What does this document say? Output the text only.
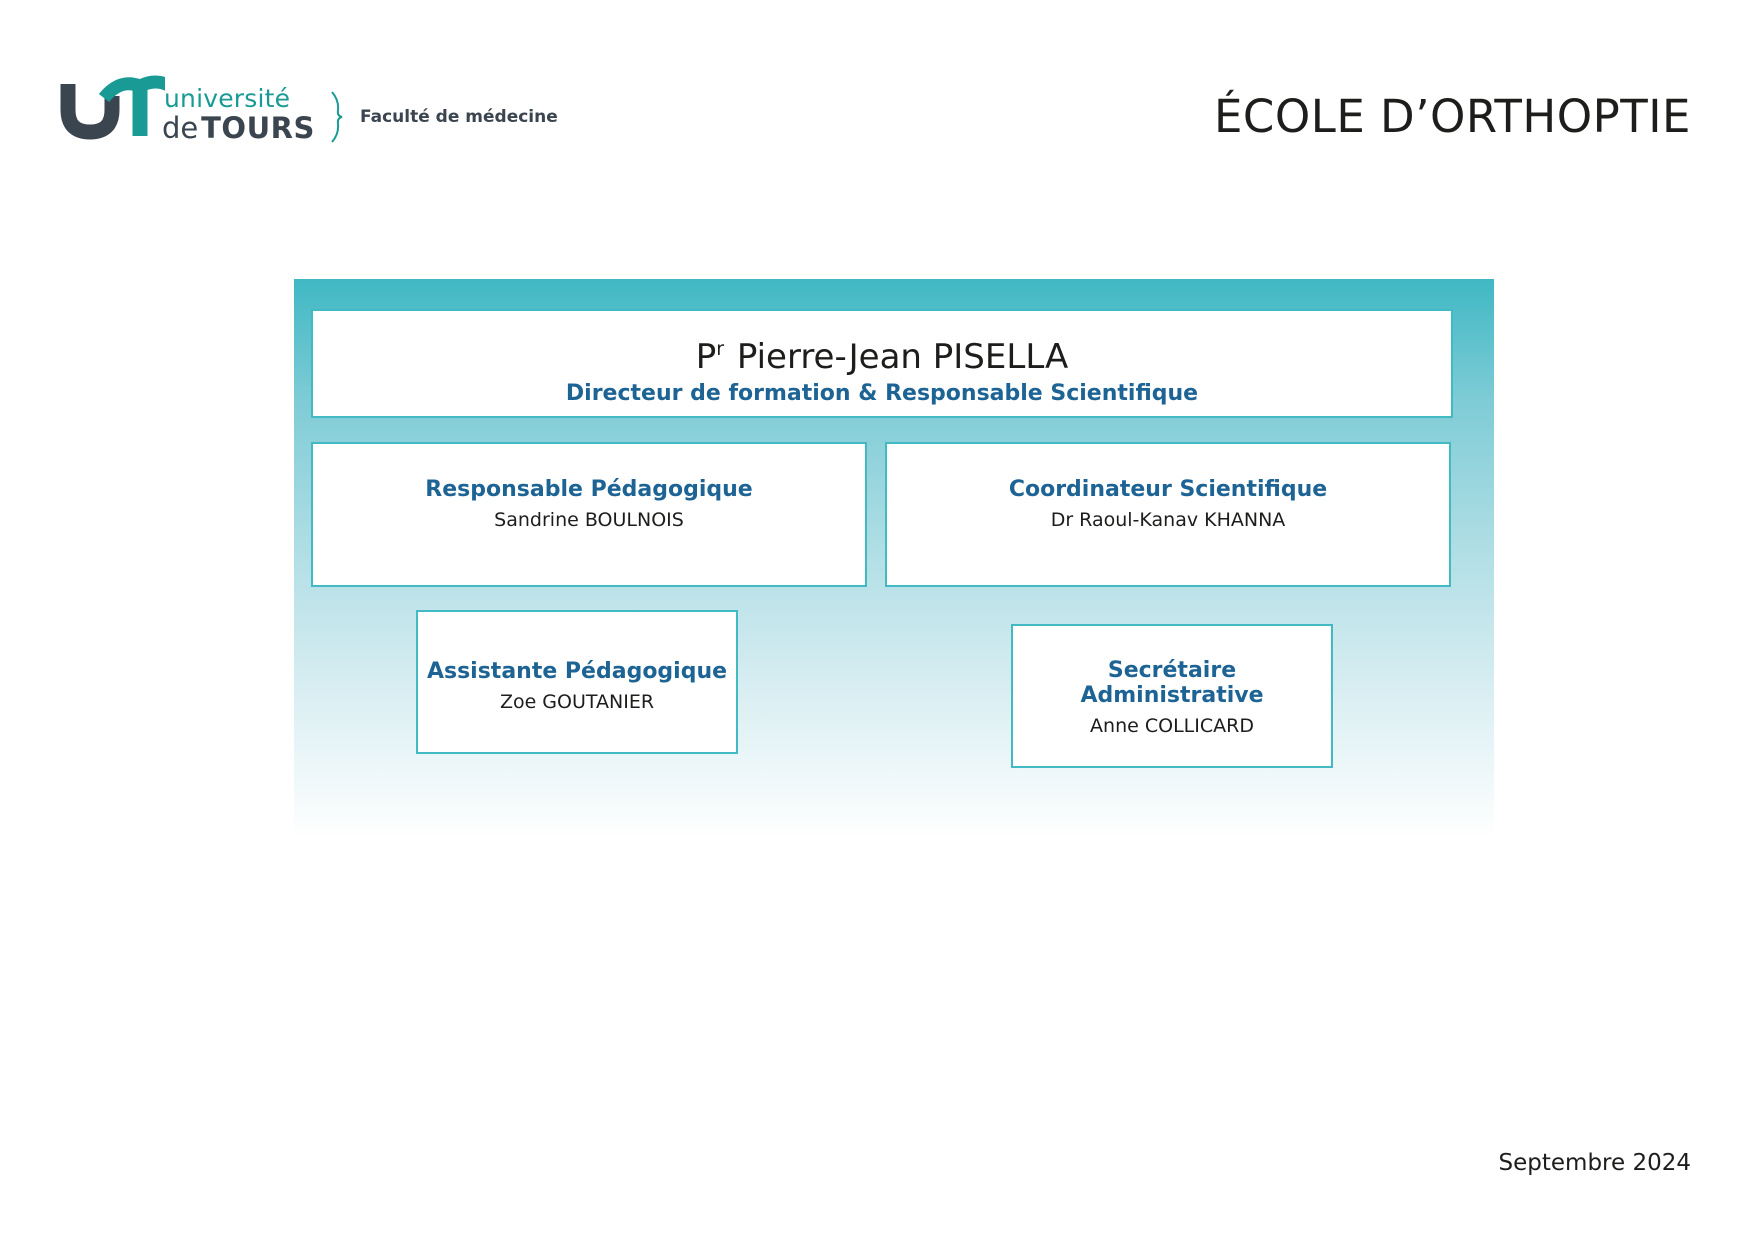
université
de TOURS	Faculté de médecine	ÉCOLE D’ORTHOPTIE
$P^r$ Pierre-Jean PISELLA
Directeur de formation & Responsable Scientifique
Responsable Pédagogique
Sandrine BOULNOIS
Coordinateur Scientifique
Dr Raoul-Kanav KHANNA
Assistante Pédagogique
Zoe GOUTANIER
Secrétaire Administrative
Anne COLLICARD
Septembre 2024
